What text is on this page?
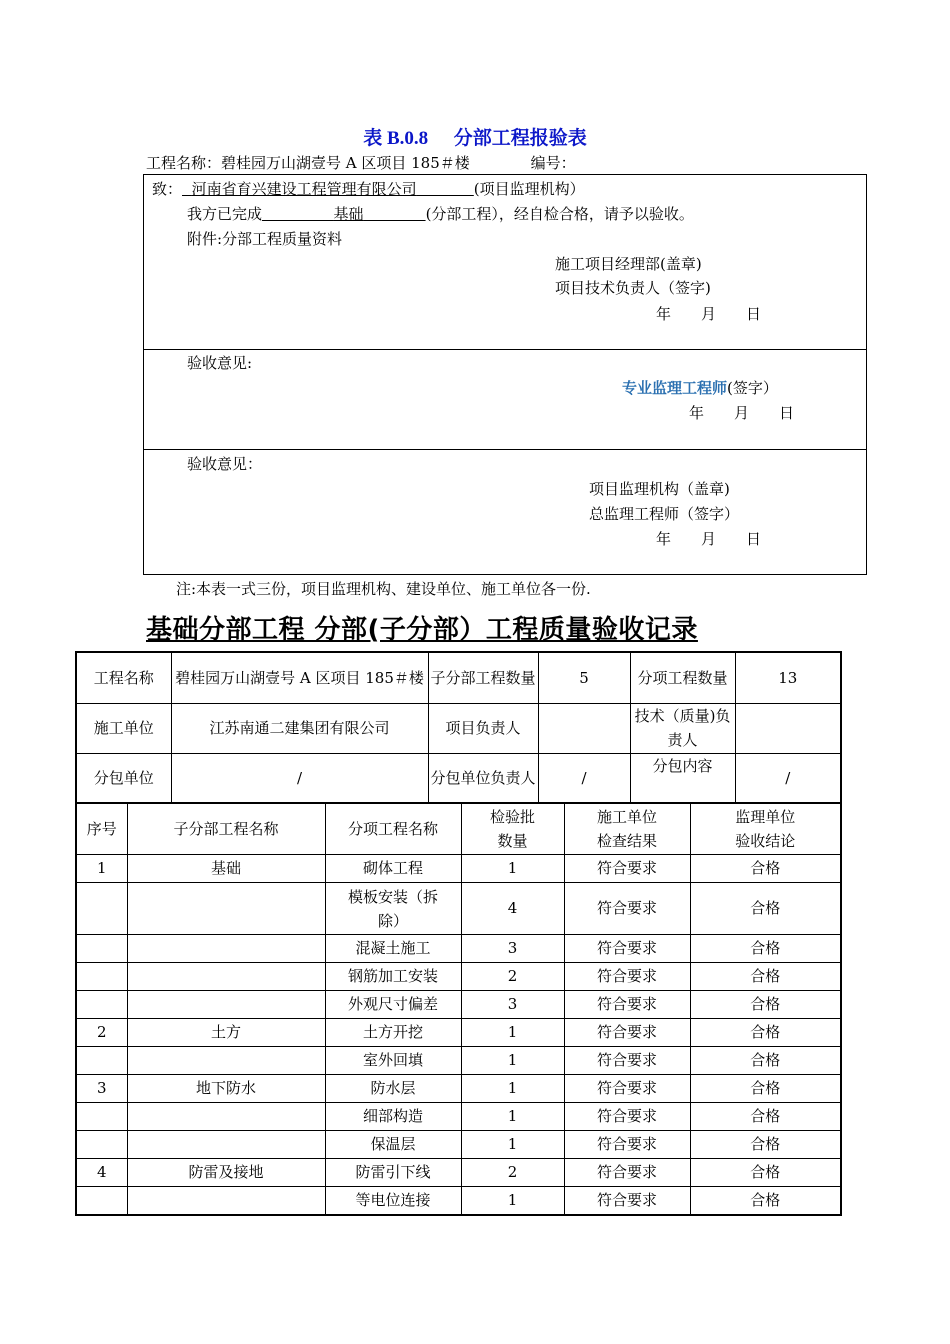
表 B.0.8　 分部工程报验表
工程名称：碧桂园万山湖壹号 A 区项目 185＃楼	编号：
致： 河南省育兴建设工程管理有限公司	(项目监理机构）
我方已完成	基础	(分部工程），经自检合格，请予以验收。
附件:分部工程质量资料
施工项目经理部(盖章)
项目技术负责人（签字)
年　　月　　日
验收意见:
专业监理工程师(签字）
年　　月　　日
验收意见：
项目监理机构（盖章)
总监理工程师（签字）
年　　月　　日
注:本表一式三份，项目监理机构、建设单位、施工单位各一份.
基础分部工程 分部(子分部）工程质量验收记录
工程名称	碧桂园万山湖壹号 A 区项目 185＃楼	子分部工程数量	5	分项工程数量	13
施工单位	江苏南通二建集团有限公司	项目负责人		技术（质量)负责人	
分包单位	/	分包单位负责人	/	分包内容	/
序号	子分部工程名称	分项工程名称	检验批数量	施工单位检查结果	监理单位验收结论
1	基础	砌体工程	1	符合要求	合格
		模板安装（拆除）	4	符合要求	合格
		混凝土施工	3	符合要求	合格
		钢筋加工安装	2	符合要求	合格
		外观尺寸偏差	3	符合要求	合格
2	土方	土方开挖	1	符合要求	合格
		室外回填	1	符合要求	合格
3	地下防水	防水层	1	符合要求	合格
		细部构造	1	符合要求	合格
		保温层	1	符合要求	合格
4	防雷及接地	防雷引下线	2	符合要求	合格
		等电位连接	1	符合要求	合格
